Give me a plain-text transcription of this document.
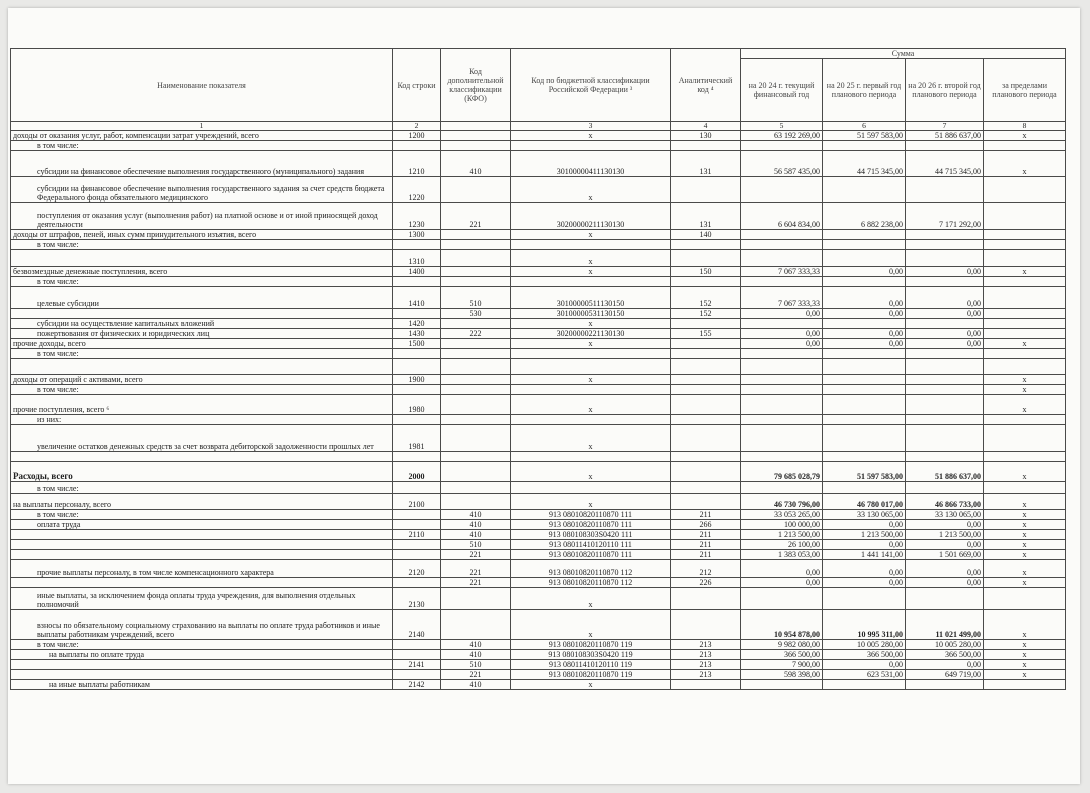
Наименование показателя	Код строки	Код дополнительной классификации (КФО)	Код по бюджетной классификации Российской Федерации ³	Аналитический код ⁴	Сумма			
					на 20 24 г. текущий финансовый год	на 20 25 г. первый год планового периода	на 20 26 г. второй год планового периода	за пределами планового периода
1	2		3	4	5	6	7	8
доходы от оказания услуг, работ, компенсации затрат учреждений, всего	1200		x	130	63 192 269,00	51 597 583,00	51 886 637,00	x
в том числе:								
субсидии на финансовое обеспечение выполнения государственного (муниципального) задания	1210	410	30100000411130130	131	56 587 435,00	44 715 345,00	44 715 345,00	x
субсидии на финансовое обеспечение выполнения государственного задания за счет средств бюджета Федерального фонда обязательного медицинского	1220		x					
поступления от оказания услуг (выполнения работ) на платной основе и от иной приносящей доход деятельности	1230	221	30200000211130130	131	6 604 834,00	6 882 238,00	7 171 292,00	
доходы от штрафов, пеней, иных сумм принудительного изъятия, всего	1300		x	140				
в том числе:								
	1310		x					
безвозмездные денежные поступления, всего	1400		x	150	7 067 333,33	0,00	0,00	x
в том числе:								
целевые субсидии	1410	510	30100000511130150	152	7 067 333,33	0,00	0,00	
		530	30100000531130150	152	0,00	0,00	0,00	
субсидии на осуществление капитальных вложений	1420		x					
пожертвования от физических и юридических лиц	1430	222	30200000221130130	155	0,00	0,00	0,00	
прочие доходы, всего	1500		x		0,00	0,00	0,00	x
в том числе:								

доходы от операций с активами, всего	1900		x					x
в том числе:								x
прочие поступления, всего ⁶	1980		x					x
из них:								
увеличение остатков денежных средств за счет возврата дебиторской задолженности прошлых лет	1981		x					

Расходы, всего	2000		x		79 685 028,79	51 597 583,00	51 886 637,00	x
в том числе:								
на выплаты персоналу, всего	2100		x		46 730 796,00	46 780 017,00	46 866 733,00	x
в том числе:		410	913 08010820110870 111	211	33 053 265,00	33 130 065,00	33 130 065,00	x
оплата труда		410	913 08010820110870 111	266	100 000,00	0,00	0,00	x
	2110	410	913 080108303S0420 111	211	1 213 500,00	1 213 500,00	1 213 500,00	x
		510	913 08011410120110 111	211	26 100,00	0,00	0,00	x
		221	913 08010820110870 111	211	1 383 053,00	1 441 141,00	1 501 669,00	x
прочие выплаты персоналу, в том числе компенсационного характера	2120	221	913 08010820110870 112	212	0,00	0,00	0,00	x
		221	913 08010820110870 112	226	0,00	0,00	0,00	x
иные выплаты, за исключением фонда оплаты труда учреждения, для выполнения отдельных полномочий	2130		x					
взносы по обязательному социальному страхованию на выплаты по оплате труда работников и иные выплаты работникам учреждений, всего	2140		x		10 954 878,00	10 995 311,00	11 021 499,00	x
в том числе:		410	913 08010820110870 119	213	9 982 080,00	10 005 280,00	10 005 280,00	x
на выплаты по оплате труда		410	913 080108303S0420 119	213	366 500,00	366 500,00	366 500,00	x
	2141	510	913 08011410120110 119	213	7 900,00	0,00	0,00	x
		221	913 08010820110870 119	213	598 398,00	623 531,00	649 719,00	x
на иные выплаты работникам	2142	410	x					
